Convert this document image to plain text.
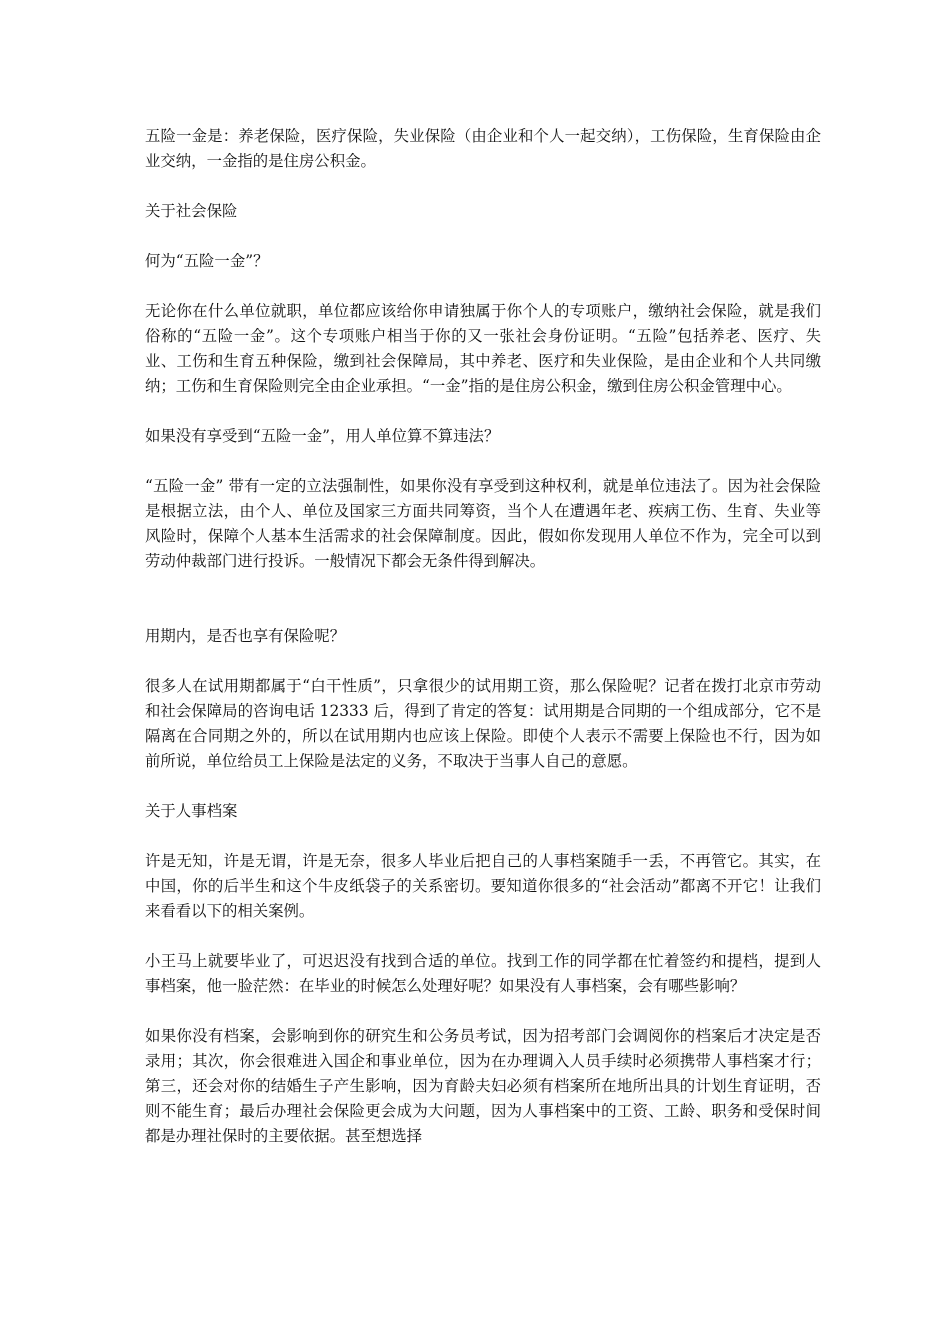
五险一金是：养老保险，医疗保险，失业保险（由企业和个人一起交纳），工伤保险，生育保险由企业交纳，一金指的是住房公积金。

关于社会保险

何为“五险一金”？

无论你在什么单位就职，单位都应该给你申请独属于你个人的专项账户，缴纳社会保险，就是我们俗称的“五险一金”。这个专项账户相当于你的又一张社会身份证明。“五险”包括养老、医疗、失业、工伤和生育五种保险，缴到社会保障局，其中养老、医疗和失业保险，是由企业和个人共同缴纳；工伤和生育保险则完全由企业承担。“一金”指的是住房公积金，缴到住房公积金管理中心。

如果没有享受到“五险一金”，用人单位算不算违法？

“五险一金” 带有一定的立法强制性，如果你没有享受到这种权利，就是单位违法了。因为社会保险是根据立法，由个人、单位及国家三方面共同筹资，当个人在遭遇年老、疾病工伤、生育、失业等风险时，保障个人基本生活需求的社会保障制度。因此，假如你发现用人单位不作为，完全可以到劳动仲裁部门进行投诉。一般情况下都会无条件得到解决。

用期内，是否也享有保险呢？

很多人在试用期都属于“白干性质”，只拿很少的试用期工资，那么保险呢？记者在拨打北京市劳动和社会保障局的咨询电话 12333 后，得到了肯定的答复：试用期是合同期的一个组成部分，它不是隔离在合同期之外的，所以在试用期内也应该上保险。即使个人表示不需要上保险也不行，因为如前所说，单位给员工上保险是法定的义务，不取决于当事人自己的意愿。

关于人事档案

许是无知，许是无谓，许是无奈，很多人毕业后把自己的人事档案随手一丢，不再管它。其实，在中国，你的后半生和这个牛皮纸袋子的关系密切。要知道你很多的“社会活动”都离不开它！让我们来看看以下的相关案例。

小王马上就要毕业了，可迟迟没有找到合适的单位。找到工作的同学都在忙着签约和提档，提到人事档案，他一脸茫然：在毕业的时候怎么处理好呢？如果没有人事档案，会有哪些影响？

如果你没有档案，会影响到你的研究生和公务员考试，因为招考部门会调阅你的档案后才决定是否录用；其次，你会很难进入国企和事业单位，因为在办理调入人员手续时必须携带人事档案才行；第三，还会对你的结婚生子产生影响，因为育龄夫妇必须有档案所在地所出具的计划生育证明，否则不能生育；最后办理社会保险更会成为大问题，因为人事档案中的工资、工龄、职务和受保时间都是办理社保时的主要依据。甚至想选择
